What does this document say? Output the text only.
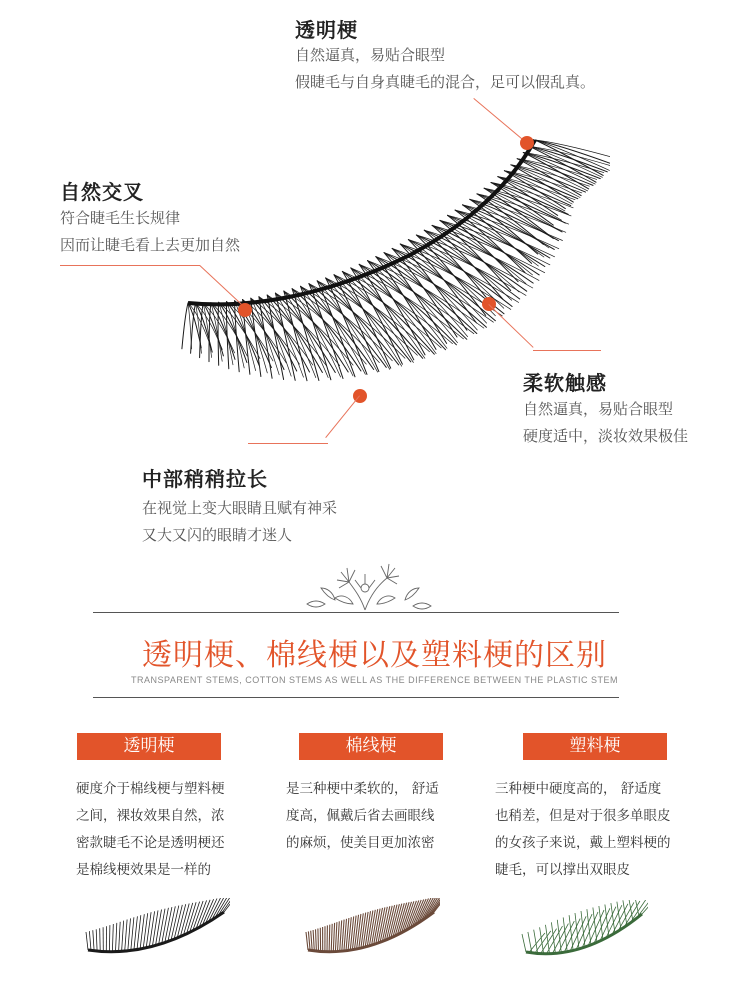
透明梗
自然逼真，易贴合眼型
假睫毛与自身真睫毛的混合，足可以假乱真。
自然交叉
符合睫毛生长规律
因而让睫毛看上去更加自然
柔软触感
自然逼真，易贴合眼型
硬度适中，淡妆效果极佳
中部稍稍拉长
在视觉上变大眼睛且赋有神采
又大又闪的眼睛才迷人
透明梗、棉线梗以及塑料梗的区别
TRANSPARENT STEMS, COTTON STEMS AS WELL AS THE DIFFERENCE BETWEEN THE PLASTIC STEM
透明梗
硬度介于棉线梗与塑料梗
之间，裸妆效果自然，浓
密款睫毛不论是透明梗还
是棉线梗效果是一样的
棉线梗
是三种梗中柔软的， 舒适
度高，佩戴后省去画眼线
的麻烦，使美目更加浓密
塑料梗
三种梗中硬度高的， 舒适度
也稍差，但是对于很多单眼皮
的女孩子来说，戴上塑料梗的
睫毛，可以撑出双眼皮
